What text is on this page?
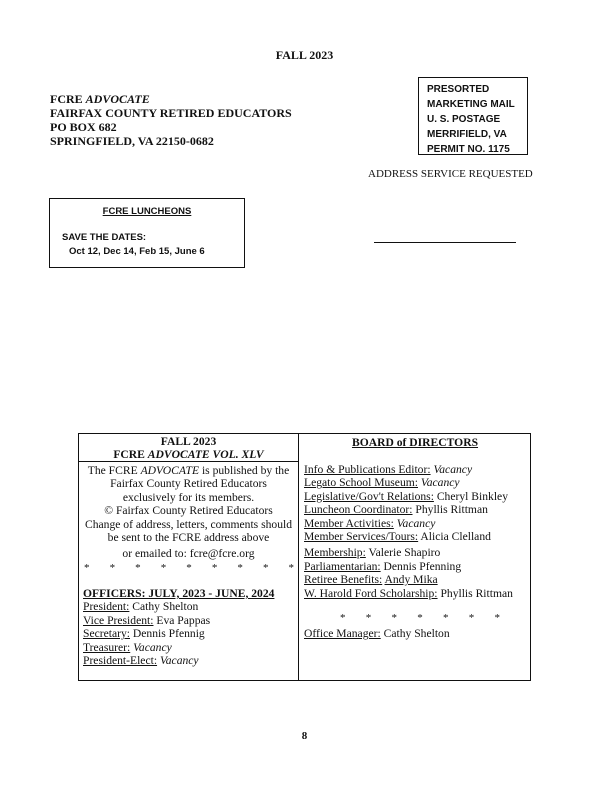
FALL 2023
FCRE ADVOCATE
FAIRFAX COUNTY RETIRED EDUCATORS
PO BOX 682
SPRINGFIELD, VA 22150-0682
PRESORTED
MARKETING MAIL
U. S. POSTAGE
MERRIFIELD, VA
PERMIT NO. 1175
ADDRESS SERVICE REQUESTED
FCRE LUNCHEONS
SAVE THE DATES:
Oct 12, Dec 14, Feb 15, June 6
FALL 2023
FCRE ADVOCATE VOL. XLV
The FCRE ADVOCATE is published by the
Fairfax County Retired Educators
exclusively for its members.
© Fairfax County Retired Educators
Change of address, letters, comments should
be sent to the FCRE address above
or emailed to: fcre@fcre.org
* * * * * * * * *
OFFICERS: JULY, 2023 - JUNE, 2024
President: Cathy Shelton
Vice President: Eva Pappas
Secretary: Dennis Pfennig
Treasurer: Vacancy
President-Elect: Vacancy
BOARD of DIRECTORS
Info & Publications Editor: Vacancy
Legato School Museum: Vacancy
Legislative/Gov't Relations: Cheryl Binkley
Luncheon Coordinator: Phyllis Rittman
Member Activities: Vacancy
Member Services/Tours: Alicia Clelland
Membership: Valerie Shapiro
Parliamentarian: Dennis Pfenning
Retiree Benefits: Andy Mika
W. Harold Ford Scholarship: Phyllis Rittman
* * * * * * *
Office Manager: Cathy Shelton
8
